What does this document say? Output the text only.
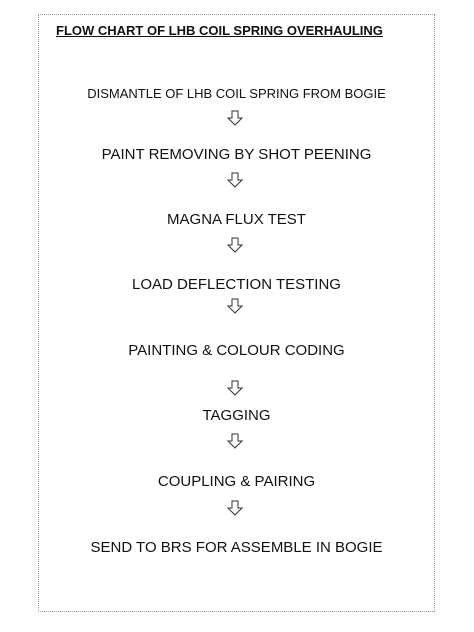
FLOW CHART OF LHB COIL SPRING OVERHAULING
DISMANTLE OF LHB COIL SPRING FROM BOGIE
PAINT REMOVING BY SHOT PEENING
MAGNA FLUX TEST
LOAD DEFLECTION TESTING
PAINTING & COLOUR CODING
TAGGING
COUPLING & PAIRING
SEND TO BRS FOR ASSEMBLE IN BOGIE
